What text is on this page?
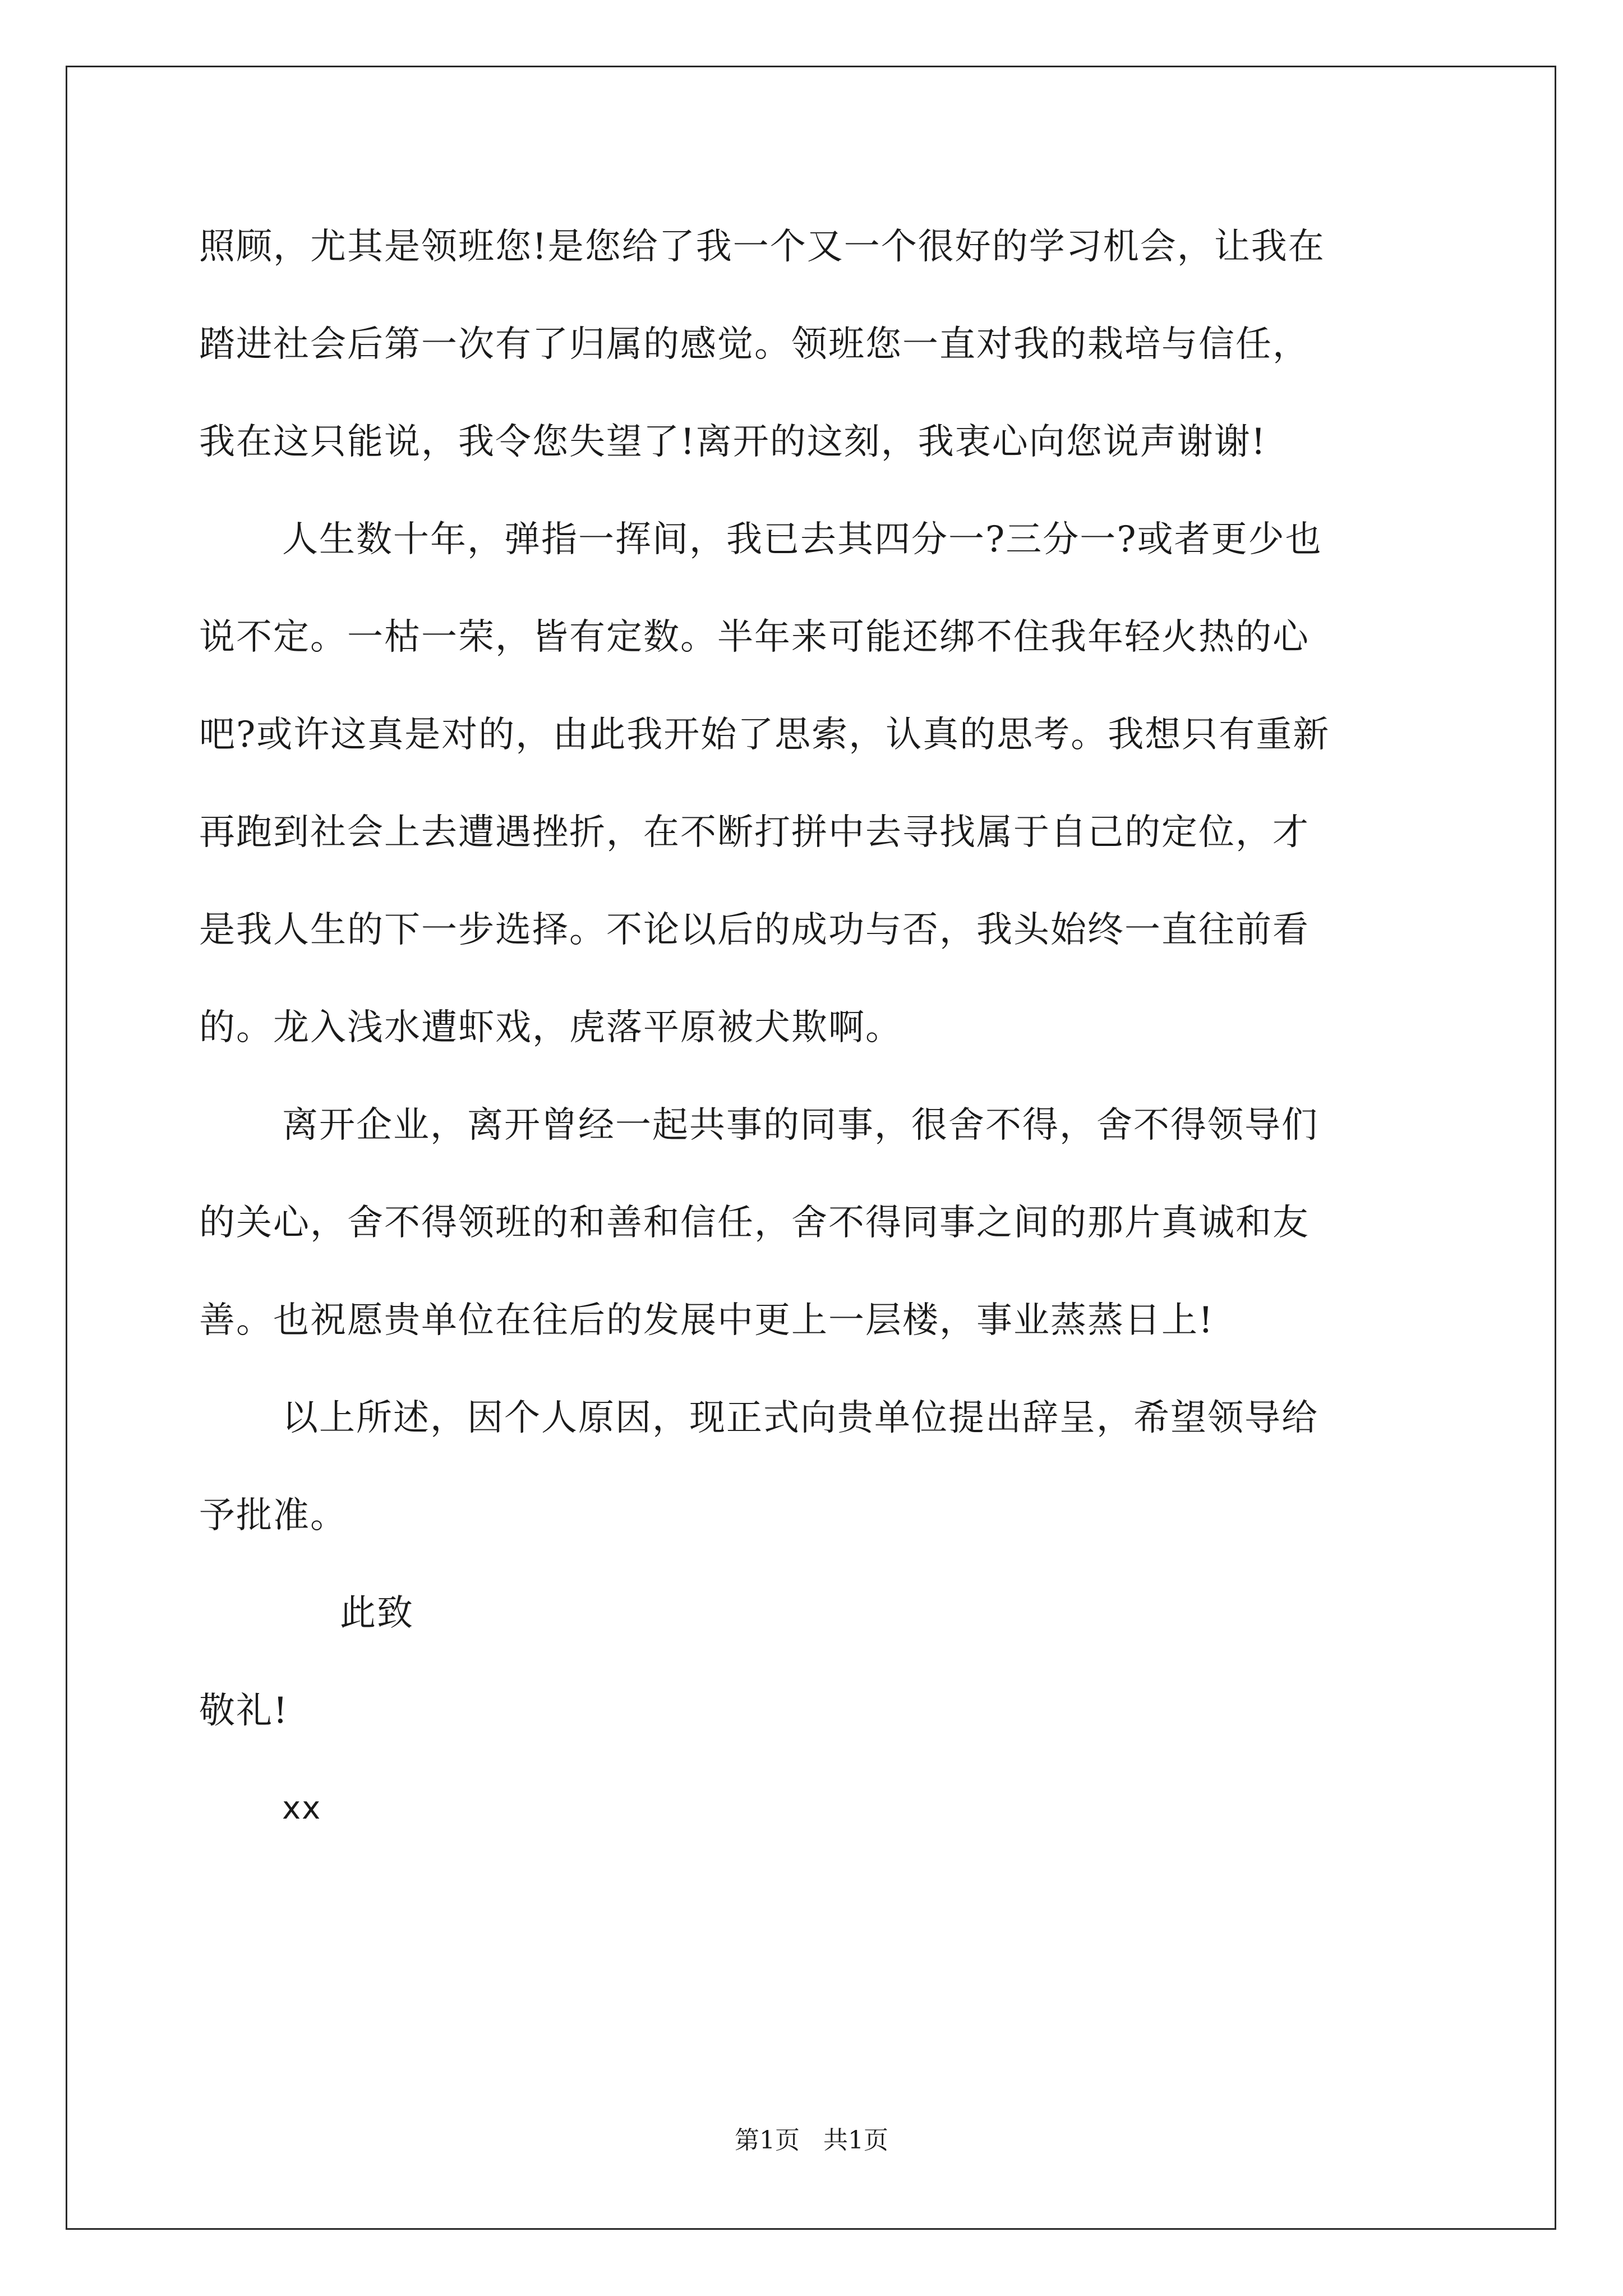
照顾，尤其是领班您!是您给了我一个又一个很好的学习机会，让我在
踏进社会后第一次有了归属的感觉。领班您一直对我的栽培与信任，
我在这只能说，我令您失望了!离开的这刻，我衷心向您说声谢谢!
人生数十年，弹指一挥间，我已去其四分一?三分一?或者更少也
说不定。一枯一荣，皆有定数。半年来可能还绑不住我年轻火热的心
吧?或许这真是对的，由此我开始了思索，认真的思考。我想只有重新
再跑到社会上去遭遇挫折，在不断打拼中去寻找属于自己的定位，才
是我人生的下一步选择。不论以后的成功与否，我头始终一直往前看
的。龙入浅水遭虾戏，虎落平原被犬欺啊。
离开企业，离开曾经一起共事的同事，很舍不得，舍不得领导们
的关心，舍不得领班的和善和信任，舍不得同事之间的那片真诚和友
善。也祝愿贵单位在往后的发展中更上一层楼，事业蒸蒸日上!
以上所述，因个人原因，现正式向贵单位提出辞呈，希望领导给
予批准。
此致
敬礼!
xx
第1页   共1页
